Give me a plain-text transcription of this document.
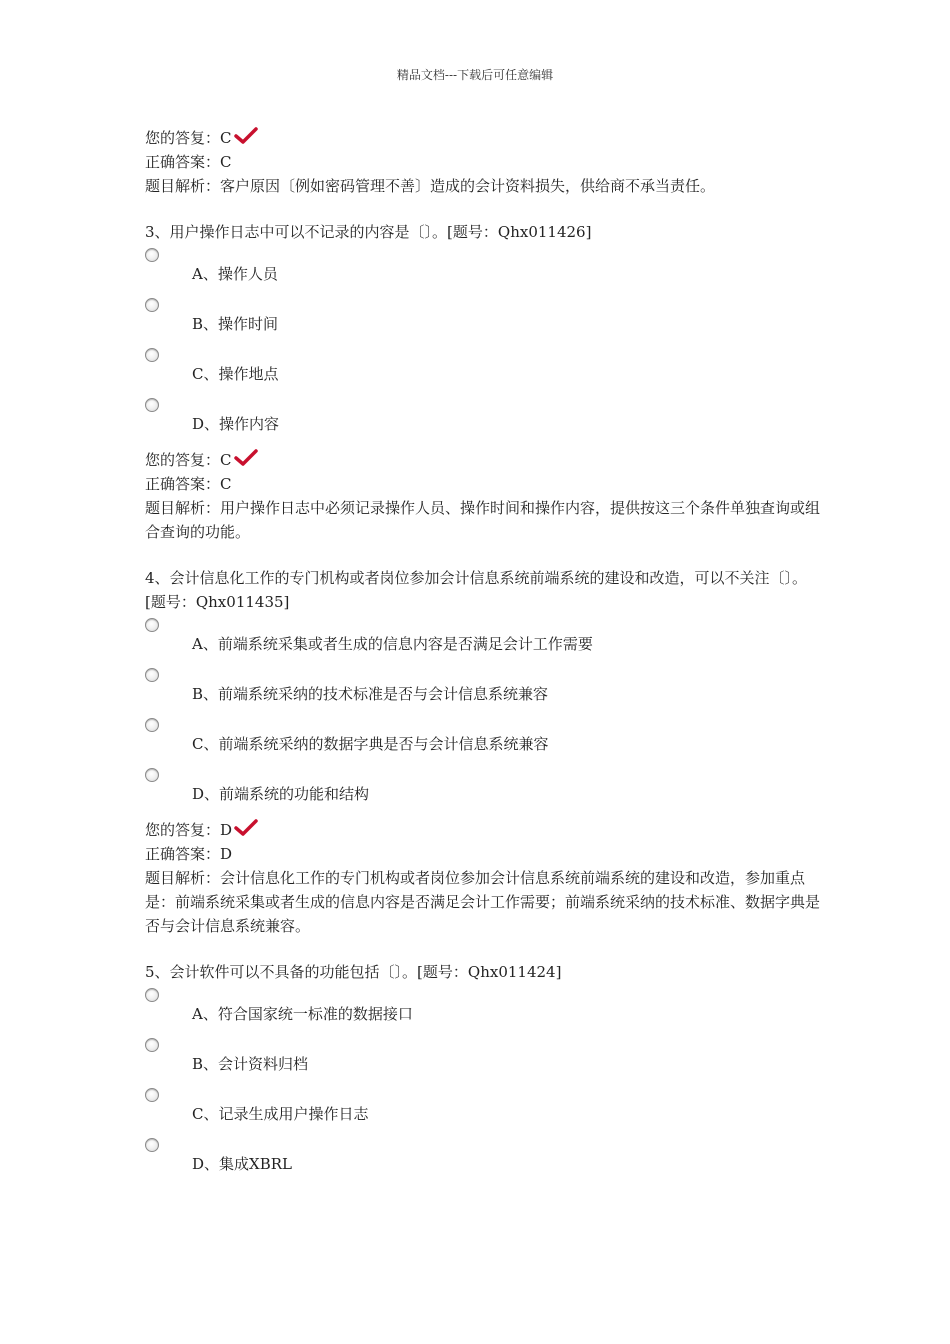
精品文档---下载后可任意编辑
您的答复：C
正确答案：C
题目解析：客户原因〔例如密码管理不善〕造成的会计资料损失，供给商不承当责任。
3、用户操作日志中可以不记录的内容是〔〕。[题号：Qhx011426]
A、操作人员
B、操作时间
C、操作地点
D、操作内容
您的答复：C
正确答案：C
题目解析：用户操作日志中必须记录操作人员、操作时间和操作内容，提供按这三个条件单独查询或组合查询的功能。
4、会计信息化工作的专门机构或者岗位参加会计信息系统前端系统的建设和改造，可以不关注〔〕。[题号：Qhx011435]
A、前端系统采集或者生成的信息内容是否满足会计工作需要
B、前端系统采纳的技术标准是否与会计信息系统兼容
C、前端系统采纳的数据字典是否与会计信息系统兼容
D、前端系统的功能和结构
您的答复：D
正确答案：D
题目解析：会计信息化工作的专门机构或者岗位参加会计信息系统前端系统的建设和改造，参加重点是：前端系统采集或者生成的信息内容是否满足会计工作需要；前端系统采纳的技术标准、数据字典是否与会计信息系统兼容。
5、会计软件可以不具备的功能包括〔〕。[题号：Qhx011424]
A、符合国家统一标准的数据接口
B、会计资料归档
C、记录生成用户操作日志
D、集成XBRL
